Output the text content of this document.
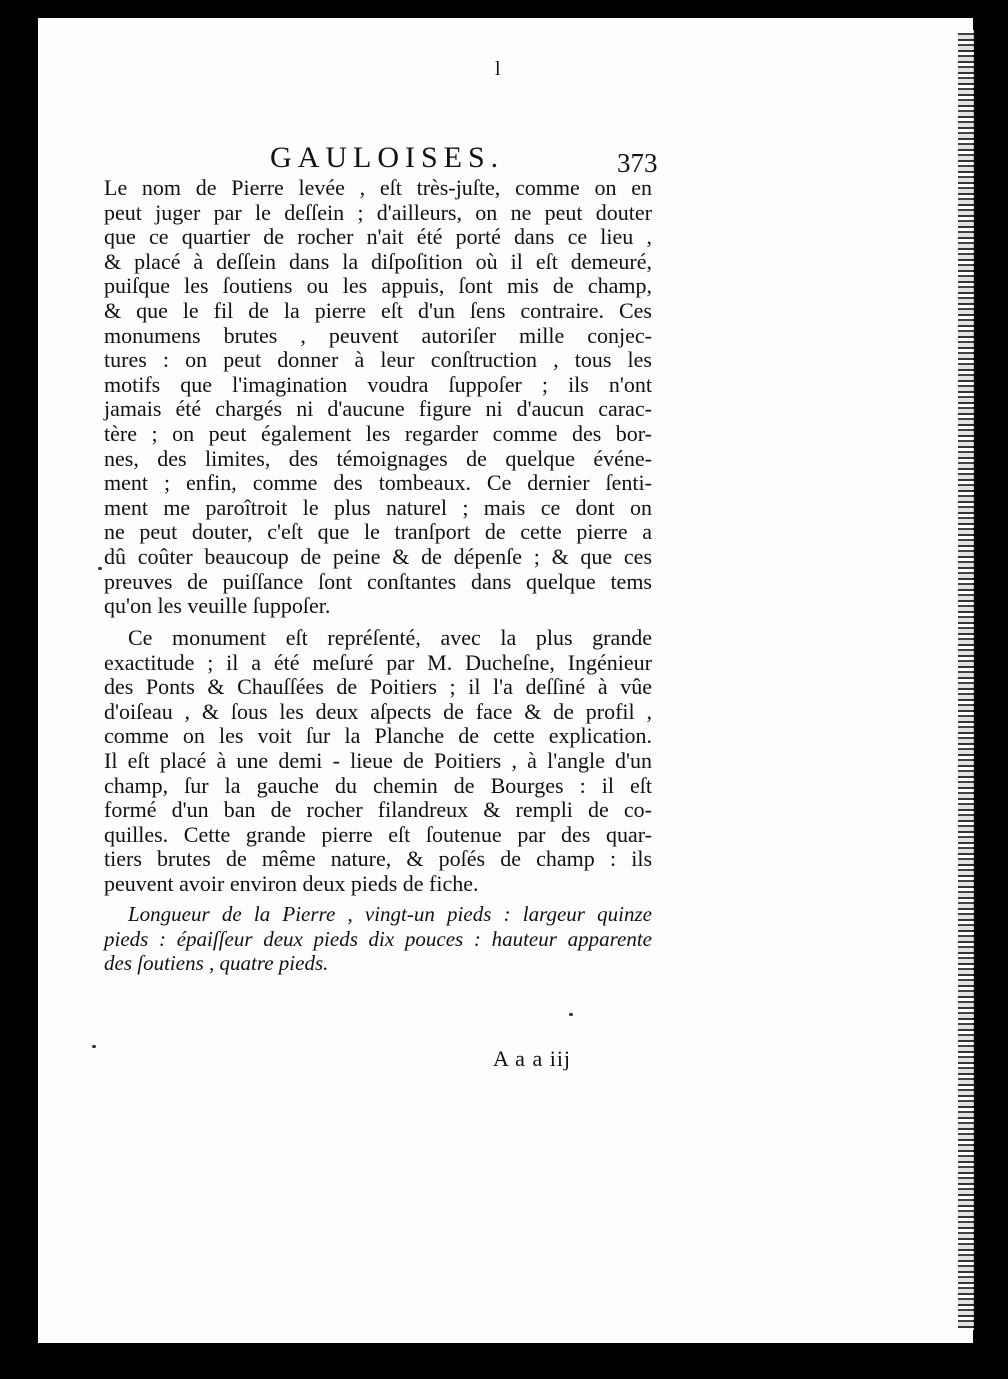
l
GAULOISES.	373
Le nom de Pierre levée , eſt très-juſte, comme on en
peut juger par le deſſein ; d'ailleurs, on ne peut douter
que ce quartier de rocher n'ait été porté dans ce lieu ,
& placé à deſſein dans la diſpoſition où il eſt demeuré,
puiſque les ſoutiens ou les appuis, ſont mis de champ,
& que le fil de la pierre eſt d'un ſens contraire. Ces
monumens brutes , peuvent autoriſer mille conjec-
tures : on peut donner à leur conſtruction , tous les
motifs que l'imagination voudra ſuppoſer ; ils n'ont
jamais été chargés ni d'aucune figure ni d'aucun carac-
tère ; on peut également les regarder comme des bor-
nes, des limites, des témoignages de quelque événe-
ment ; enfin, comme des tombeaux. Ce dernier ſenti-
ment me paroîtroit le plus naturel ; mais ce dont on
ne peut douter, c'eſt que le tranſport de cette pierre a
dû coûter beaucoup de peine & de dépenſe ; & que ces
preuves de puiſſance ſont conſtantes dans quelque tems
qu'on les veuille ſuppoſer.
Ce monument eſt repréſenté, avec la plus grande
exactitude ; il a été meſuré par M. Ducheſne, Ingénieur
des Ponts & Chauſſées de Poitiers ; il l'a deſſiné à vûe
d'oiſeau , & ſous les deux aſpects de face & de profil ,
comme on les voit ſur la Planche de cette explication.
Il eſt placé à une demi - lieue de Poitiers , à l'angle d'un
champ, ſur la gauche du chemin de Bourges : il eſt
formé d'un ban de rocher filandreux & rempli de co-
quilles. Cette grande pierre eſt ſoutenue par des quar-
tiers brutes de même nature, & poſés de champ : ils
peuvent avoir environ deux pieds de fiche.
Longueur de la Pierre , vingt-un pieds : largeur quinze
pieds : épaiſſeur deux pieds dix pouces : hauteur apparente
des ſoutiens , quatre pieds.
A a a iij
